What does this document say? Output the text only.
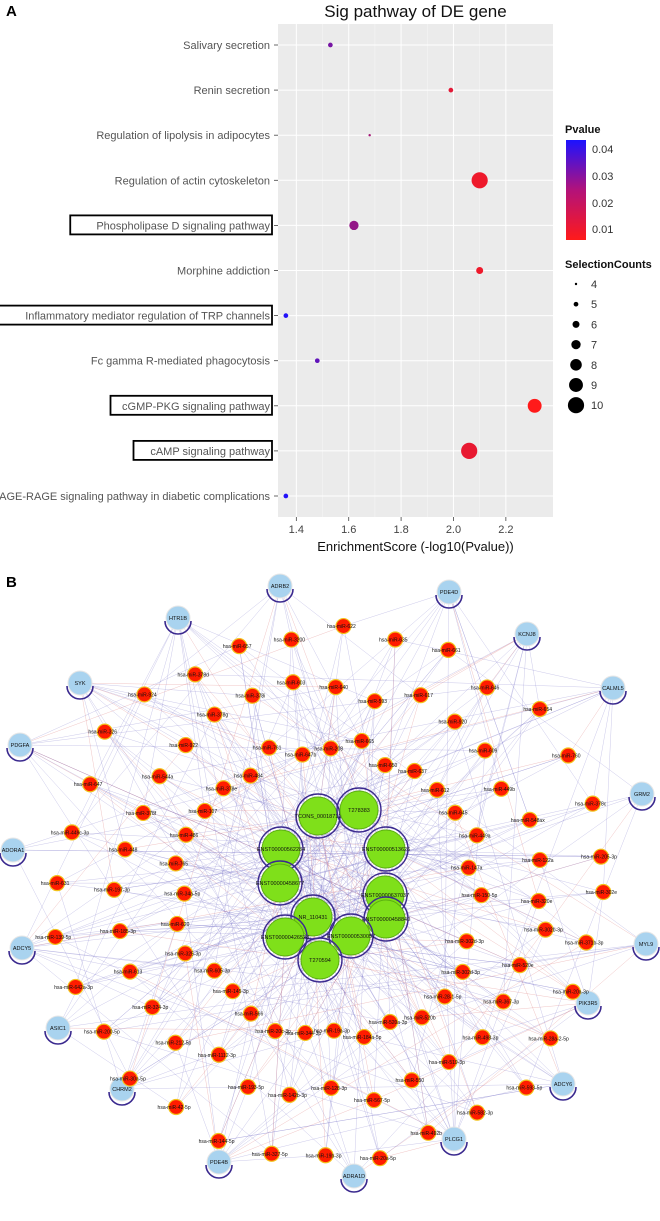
A	Sig pathway of DE gene
Salivary secretion
Renin secretion
Regulation of lipolysis in adipocytes
Regulation of actin cytoskeleton
Phospholipase D signaling pathway
Morphine addiction
Inflammatory mediator regulation of TRP channels
Fc gamma R-mediated phagocytosis
cGMP-PKG signaling pathway
cAMP signaling pathway
AGE-RAGE signaling pathway in diabetic complications
1.4	1.6	1.8	2.0	2.2
EnrichmentScore (-log10(Pvalue))
Pvalue
0.04
0.03
0.02
0.01
SelectionCounts
4
5
6
7
8
9
10
B	ADRB2
HTR1B
PDE4D
KCNJ8
SYK
CALML5
PDGFA
GRM2
ADORA1
MYL9
ADCY5
PIK3R5
ASIC1
ADCY6
CHRM2
PLCG1
PDE4B
ADRA1D
hsa-miR-302e
hsa-miR-302b-3p
hsa-miR-302d-3p	hsa-miR-371b-3p
hsa-miR-520e
hsa-miR-302d-3p
hsa-miR-20a-3p
hsa-miR-367-3p
hsa-miR-28-1-5p
hsa-miR-28a-2-5p
hsa-miR-498-3p
hsa-miR-520b
hsa-miR-593-5p
hsa-miR-519-3p
hsa-miR-520a-3p
hsa-miR-582-3p
hsa-miR-550
hsa-miR-184a-5p
hsa-miR-492b
hsa-miR-567-5p
hsa-miR-19a-3p
hsa-miR-20a-5p
hsa-miR-128-3p
hsa-miR-344-3p
hsa-miR-19b-3p
hsa-miR-142b-3p
hsa-miR-20c-3p
hsa-miR-327-5p
hsa-miR-193-5p
hsa-miR-566
hsa-miR-144-5p
hsa-miR-1112-3p
hsa-miR-145-3p
hsa-miR-42-5p
hsa-miR-212-5p
hsa-miR-605-3p
hsa-miR-30a-5p
hsa-miR-324-3p
hsa-miR-325-3p
hsa-miR-200-5p
hsa-miR-613
hsa-miR-620
hsa-miR-642a-3p
hsa-miR-185-3p
hsa-miR-34a-5p
hsa-miR-139-5p
hsa-miR-197-3p
hsa-miR-765
hsa-miR-631
hsa-miR-448
hsa-miR-486
hsa-miR-449c-3p
hsa-miR-378f	hsa-miR-107
hsa-miR-647
hsa-miR-544a
hsa-miR-378e
hsa-miR-326
hsa-miR-922
hsa-miR-484
hsa-miR-924
hsa-miR-378g
hsa-miR-761
hsa-miR-378d
hsa-miR-378i
hsa-miR-647b
hsa-miR-657
hsa-miR-603
hsa-miR-208
hsa-miR-3200
hsa-miR-640
hsa-miR-665
hsa-miR-622
hsa-miR-593
hsa-miR-650
hsa-miR-635
hsa-miR-617
hsa-miR-637
hsa-miR-661
hsa-miR-920
hsa-miR-612
hsa-miR-646
hsa-miR-609
hsa-miR-645
hsa-miR-654
hsa-miR-449b
hsa-miR-449a
hsa-miR-760
hsa-miR-548ax
hsa-miR-147a
hsa-miR-378c
hsa-miR-122a
hsa-miR-150-5p
hsa-miR-205-3p
hsa-miR-320e
TCONS_00018712
T278383
ENST00000562284	ENST00000513626
ENST00000458677
ENST00000637037
NR_110431	ENST00000458840
ENST00000426528	ENST00000530057
T270594
